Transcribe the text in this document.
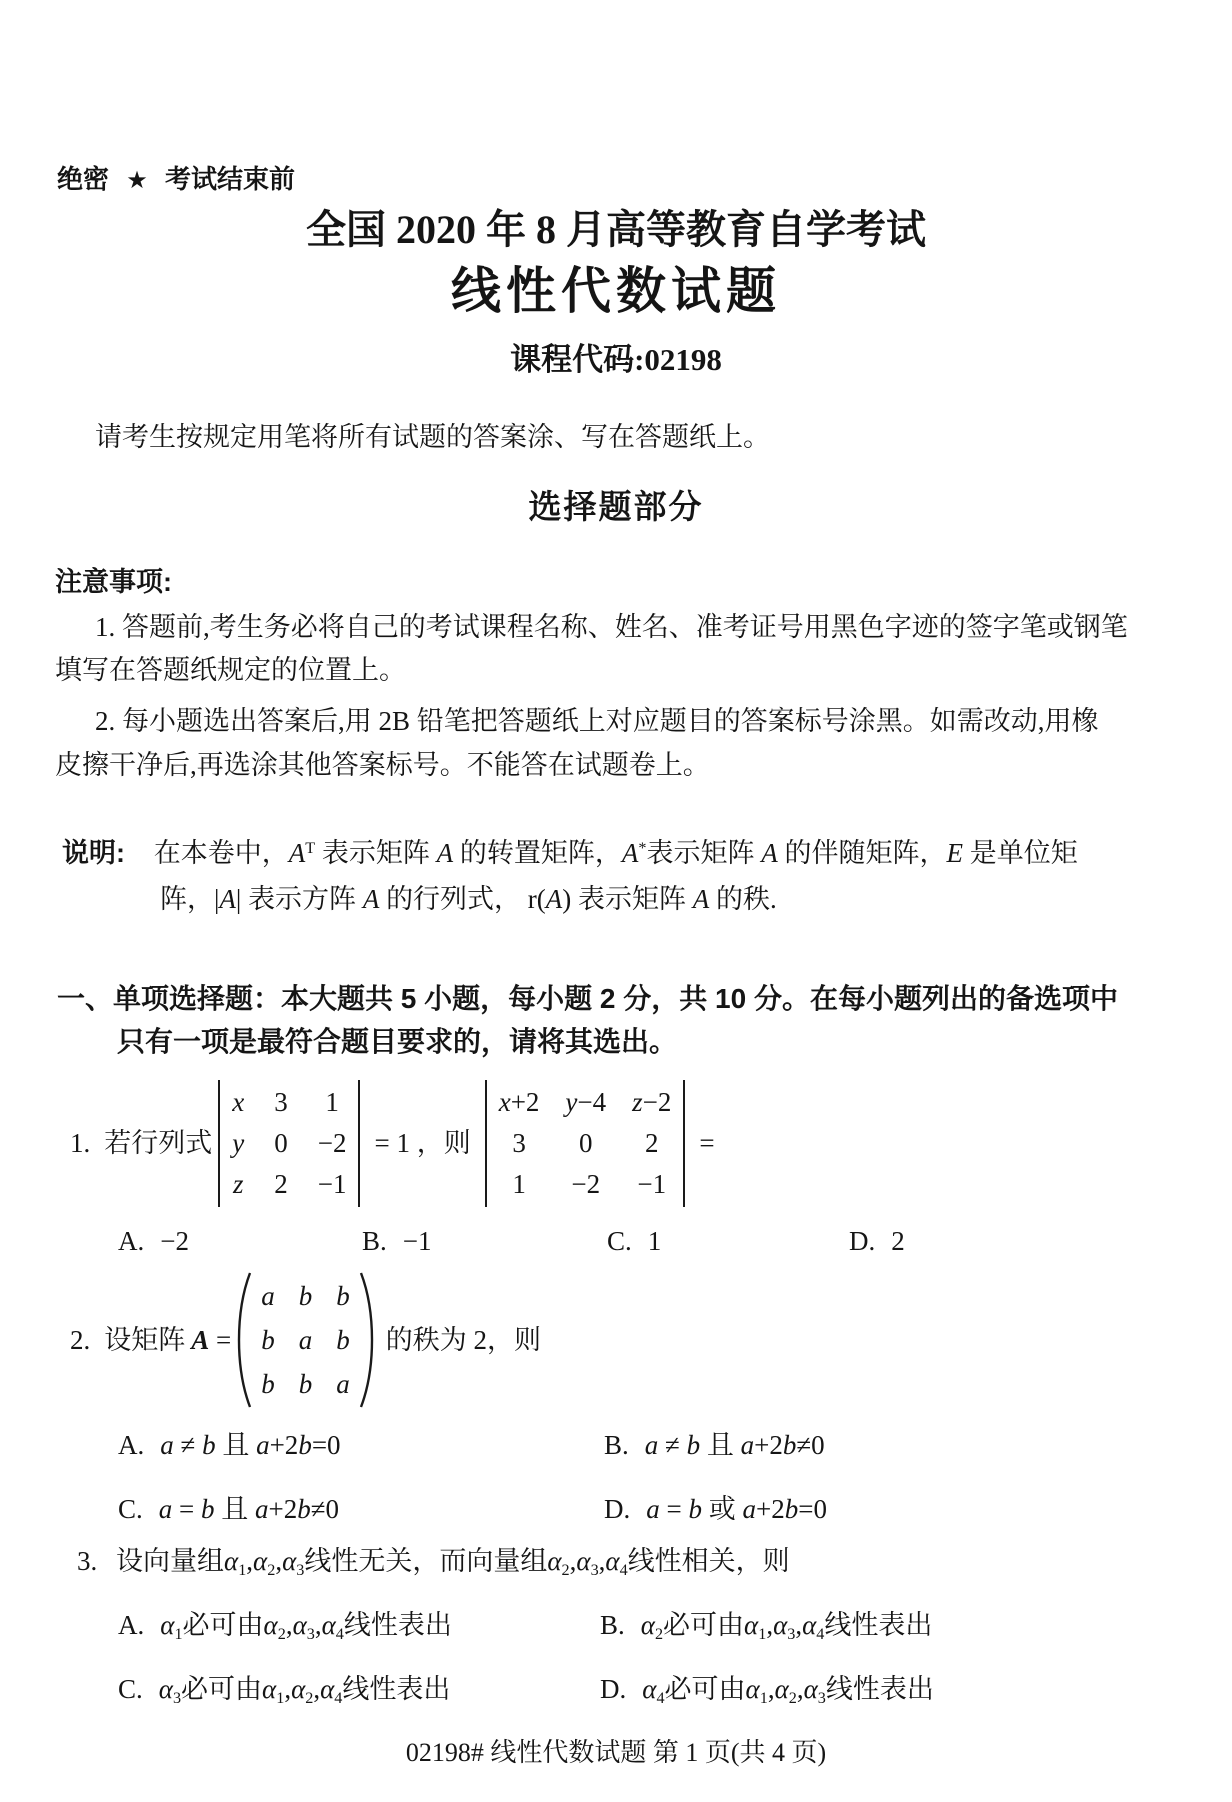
绝密 ★ 考试结束前
全国 2020 年 8 月高等教育自学考试
线性代数试题
课程代码:02198
请考生按规定用笔将所有试题的答案涂、写在答题纸上。
选择题部分
注意事项:
1. 答题前,考生务必将自己的考试课程名称、姓名、准考证号用黑色字迹的签字笔或钢笔
填写在答题纸规定的位置上。
2. 每小题选出答案后,用 2B 铅笔把答题纸上对应题目的答案标号涂黑。如需改动,用橡
皮擦干净后,再选涂其他答案标号。不能答在试题卷上。
说明: 在本卷中，$A^T$ 表示矩阵 A 的转置矩阵，A*表示矩阵 A 的伴随矩阵，E 是单位矩
阵，|A| 表示方阵 A 的行列式， r(A) 表示矩阵 A 的秩.
一、单项选择题：本大题共 5 小题，每小题 2 分，共 10 分。在每小题列出的备选项中
只有一项是最符合题目要求的，请将其选出。
1. 若行列式
x 3 1
y 0 −2
z 2 −1
= 1 ，则
x+2 y−4 z−2
3 0 2
1 −2 −1
=
A. −2	B. −1	C. 1	D. 2
2. 设矩阵 A =
a b b
b a b
b b a
的秩为 2，则
A. a ≠ b 且 a+2b=0	B. a ≠ b 且 a+2b≠0
C. a = b 且 a+2b≠0	D. a = b 或 a+2b=0
3. 设向量组$\alpha_1,\alpha_2,\alpha_3$线性无关，而向量组$\alpha_2,\alpha_3,\alpha_4$线性相关，则
A. $\alpha_1$必可由$\alpha_2,\alpha_3,\alpha_4$线性表出	B. $\alpha_2$必可由$\alpha_1,\alpha_3,\alpha_4$线性表出
C. $\alpha_3$必可由$\alpha_1,\alpha_2,\alpha_4$线性表出	D. $\alpha_4$必可由$\alpha_1,\alpha_2,\alpha_3$线性表出
02198# 线性代数试题 第 1 页(共 4 页)
